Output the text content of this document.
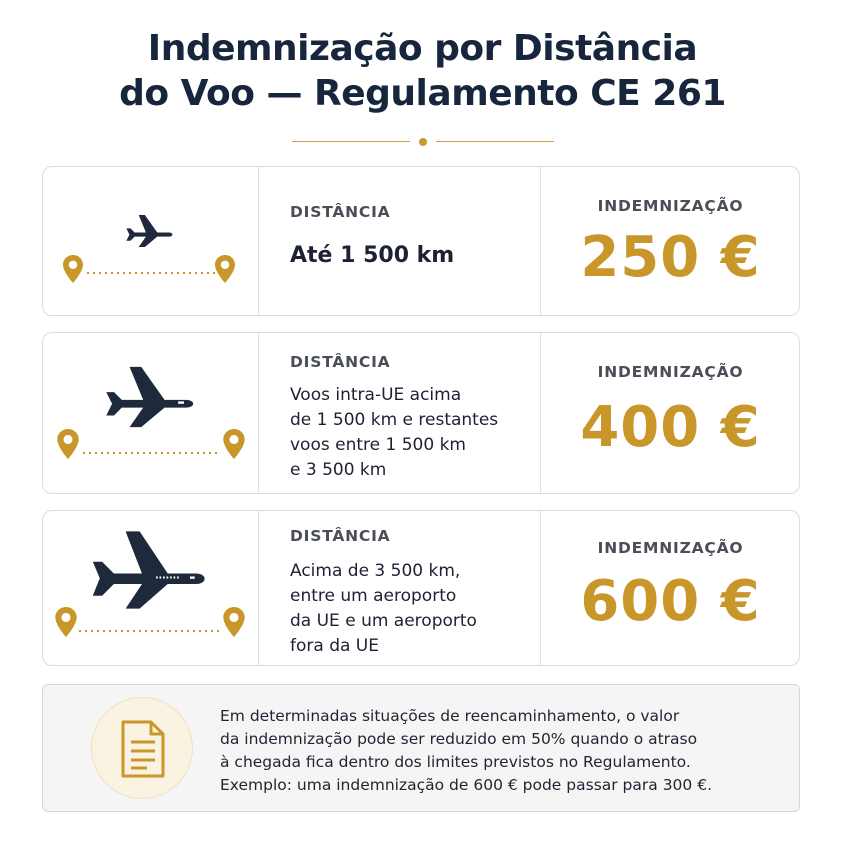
Indemnização por Distância
do Voo — Regulamento CE 261
DISTÂNCIA
Até 1 500 km
INDEMNIZAÇÃO
250 €
DISTÂNCIA
Voos intra-UE acima
de 1 500 km e restantes
voos entre 1 500 km
e 3 500 km
INDEMNIZAÇÃO
400 €
DISTÂNCIA
Acima de 3 500 km,
entre um aeroporto
da UE e um aeroporto
fora da UE
INDEMNIZAÇÃO
600 €
Em determinadas situações de reencaminhamento, o valor
da indemnização pode ser reduzido em 50% quando o atraso
à chegada fica dentro dos limites previstos no Regulamento.
Exemplo: uma indemnização de 600 € pode passar para 300 €.
